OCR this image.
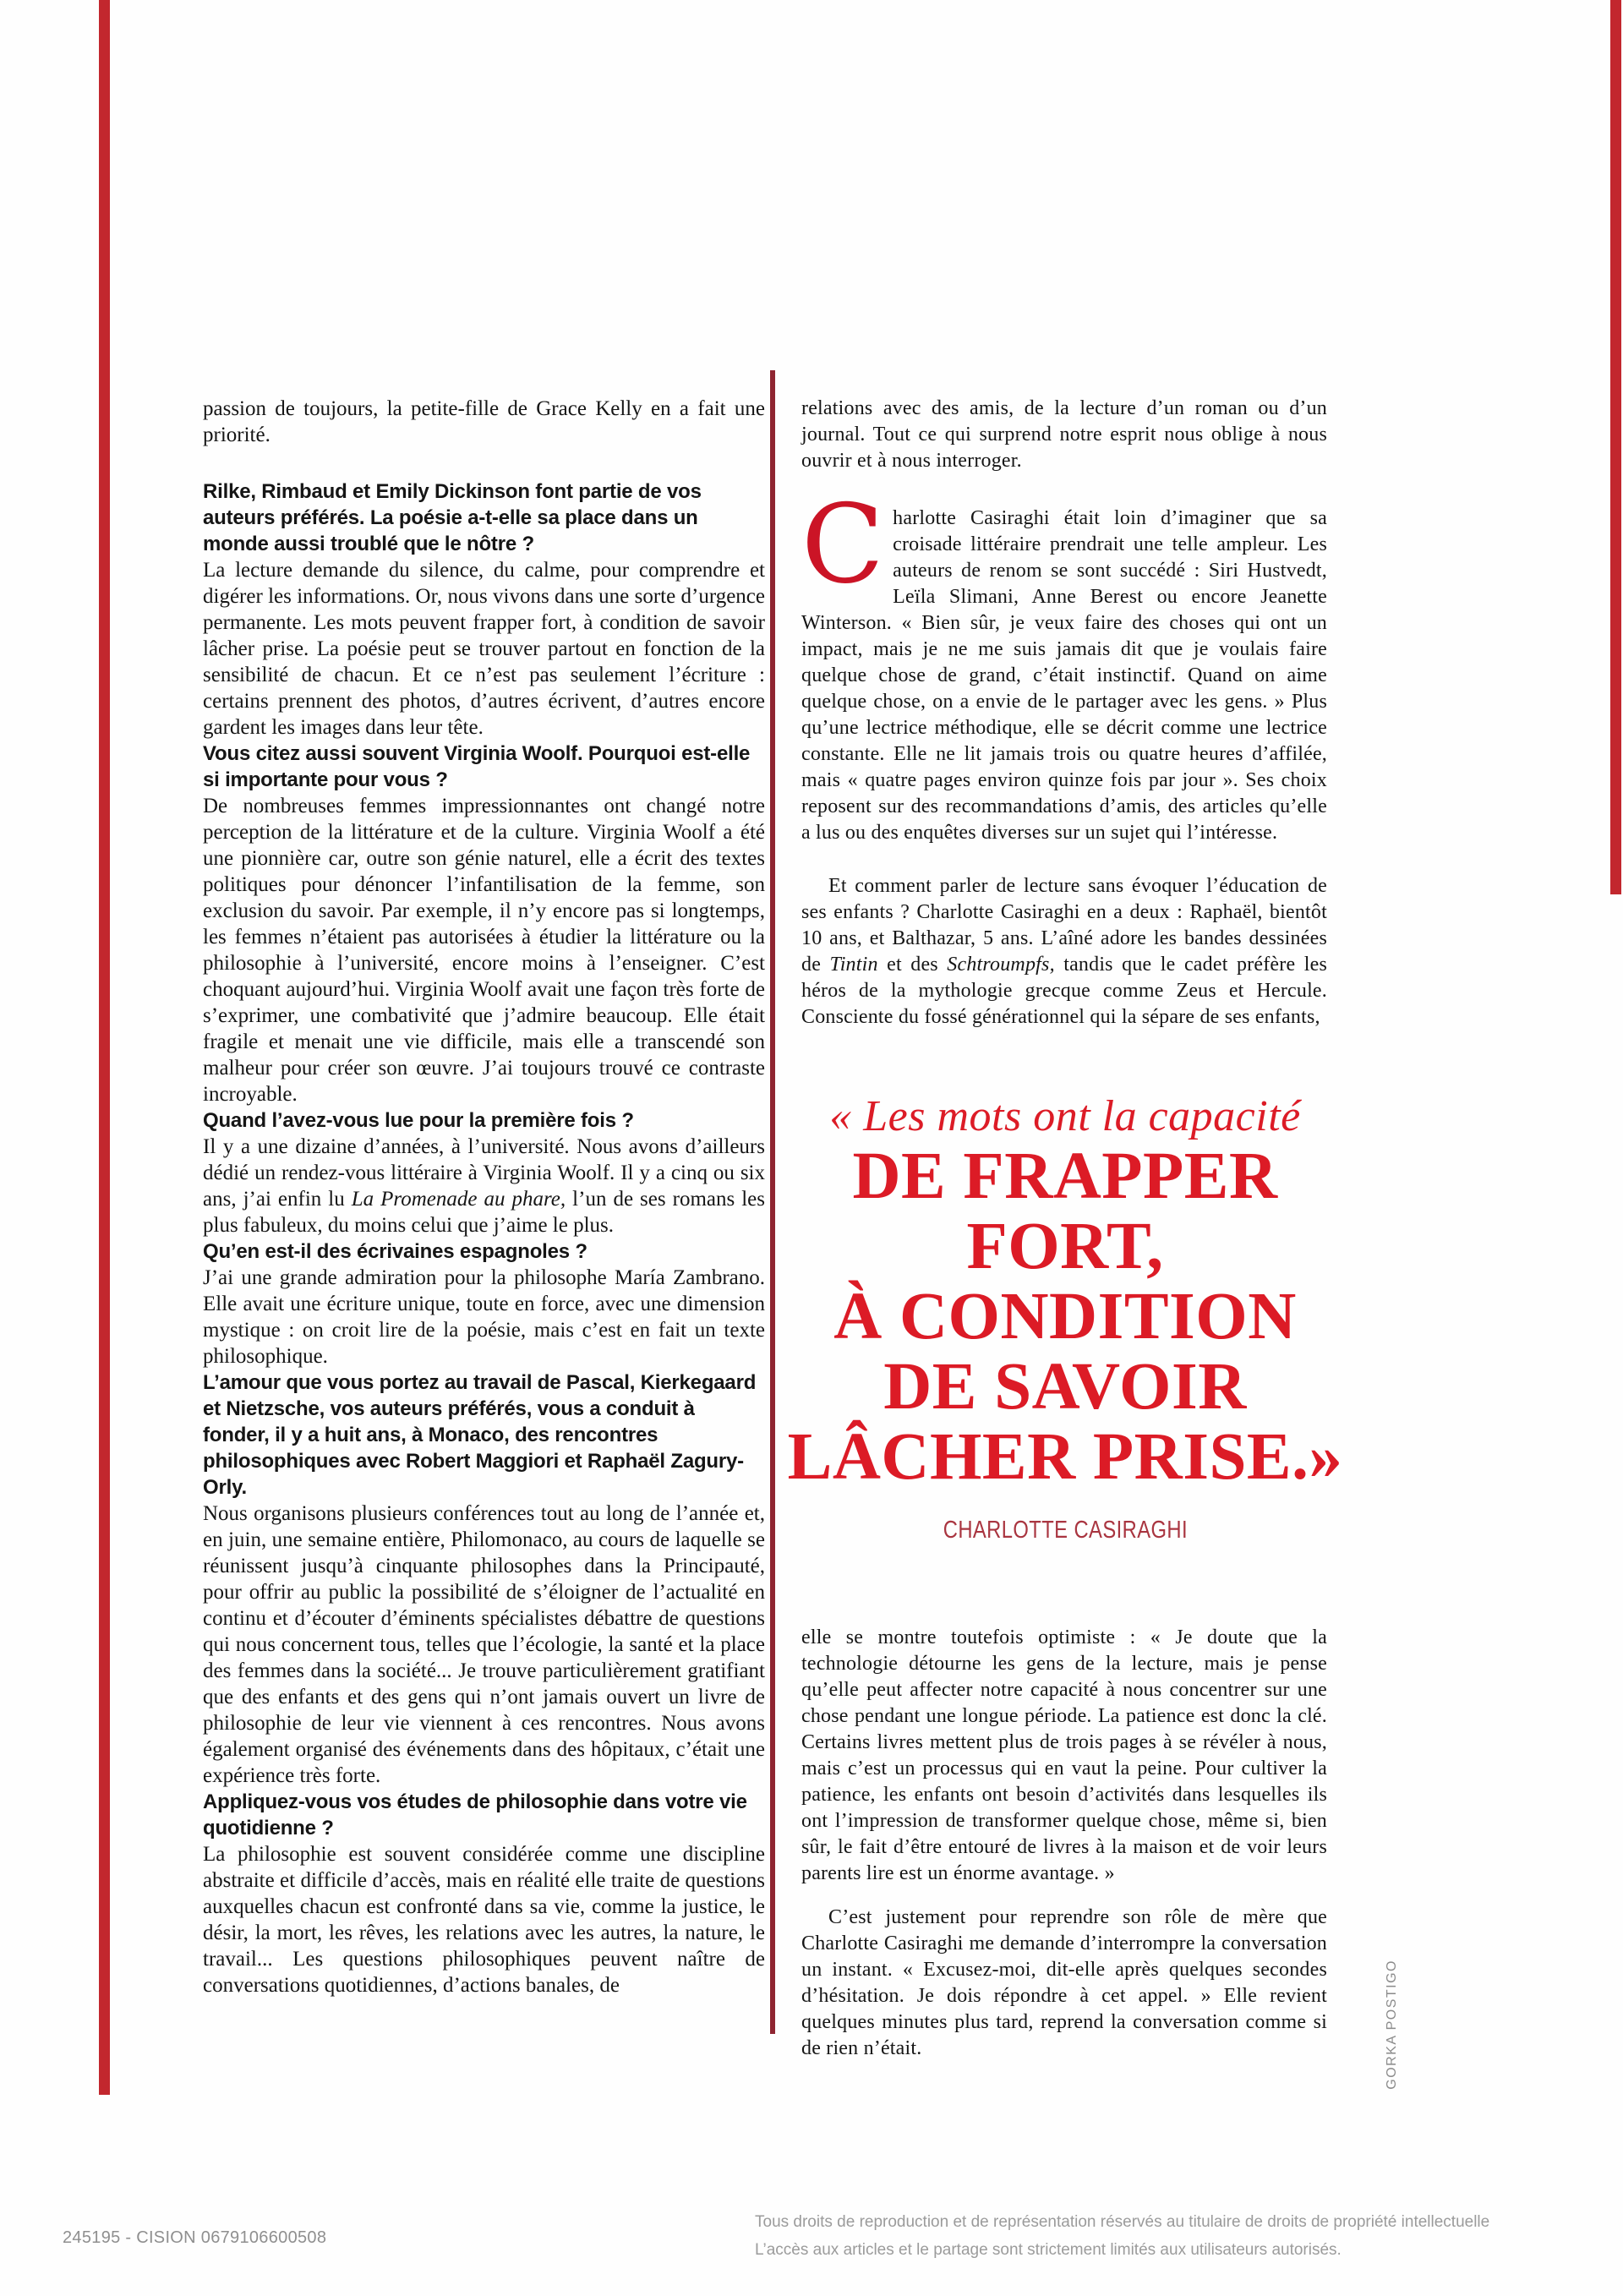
passion de toujours, la petite-fille de Grace Kelly en a fait une priorité.

Rilke, Rimbaud et Emily Dickinson font partie de vos auteurs préférés. La poésie a-t-elle sa place dans un monde aussi troublé que le nôtre ?

La lecture demande du silence, du calme, pour comprendre et digérer les informations. Or, nous vivons dans une sorte d’urgence permanente. Les mots peuvent frapper fort, à condition de savoir lâcher prise. La poésie peut se trouver partout en fonction de la sensibilité de chacun. Et ce n’est pas seulement l’écriture : certains prennent des photos, d’autres écrivent, d’autres encore gardent les images dans leur tête.

Vous citez aussi souvent Virginia Woolf. Pourquoi est-elle si importante pour vous ?

De nombreuses femmes impressionnantes ont changé notre perception de la littérature et de la culture. Virginia Woolf a été une pionnière car, outre son génie naturel, elle a écrit des textes politiques pour dénoncer l’infantilisation de la femme, son exclusion du savoir. Par exemple, il n’y encore pas si longtemps, les femmes n’étaient pas autorisées à étudier la littérature ou la philosophie à l’université, encore moins à l’enseigner. C’est choquant aujourd’hui. Virginia Woolf avait une façon très forte de s’exprimer, une combativité que j’admire beaucoup. Elle était fragile et menait une vie difficile, mais elle a transcendé son malheur pour créer son œuvre. J’ai toujours trouvé ce contraste incroyable.

Quand l’avez-vous lue pour la première fois ?

Il y a une dizaine d’années, à l’université. Nous avons d’ailleurs dédié un rendez-vous littéraire à Virginia Woolf. Il y a cinq ou six ans, j’ai enfin lu La Promenade au phare, l’un de ses romans les plus fabuleux, du moins celui que j’aime le plus.

Qu’en est-il des écrivaines espagnoles ?

J’ai une grande admiration pour la philosophe María Zambrano. Elle avait une écriture unique, toute en force, avec une dimension mystique : on croit lire de la poésie, mais c’est en fait un texte philosophique.

L’amour que vous portez au travail de Pascal, Kierkegaard et Nietzsche, vos auteurs préférés, vous a conduit à fonder, il y a huit ans, à Monaco, des rencontres philosophiques avec Robert Maggiori et Raphaël Zagury-Orly.

Nous organisons plusieurs conférences tout au long de l’année et, en juin, une semaine entière, Philomonaco, au cours de laquelle se réunissent jusqu’à cinquante philosophes dans la Principauté, pour offrir au public la possibilité de s’éloigner de l’actualité en continu et d’écouter d’éminents spécialistes débattre de questions qui nous concernent tous, telles que l’écologie, la santé et la place des femmes dans la société... Je trouve particulièrement gratifiant que des enfants et des gens qui n’ont jamais ouvert un livre de philosophie de leur vie viennent à ces rencontres. Nous avons également organisé des événements dans des hôpitaux, c’était une expérience très forte.

Appliquez-vous vos études de philosophie dans votre vie quotidienne ?

La philosophie est souvent considérée comme une discipline abstraite et difficile d’accès, mais en réalité elle traite de questions auxquelles chacun est confronté dans sa vie, comme la justice, le désir, la mort, les rêves, les relations avec les autres, la nature, le travail... Les questions philosophiques peuvent naître de conversations quotidiennes, d’actions banales, de

relations avec des amis, de la lecture d’un roman ou d’un journal. Tout ce qui surprend notre esprit nous oblige à nous ouvrir et à nous interroger.

Charlotte Casiraghi était loin d’imaginer que sa croisade littéraire prendrait une telle ampleur. Les auteurs de renom se sont succédé : Siri Hustvedt, Leïla Slimani, Anne Berest ou encore Jeanette Winterson. « Bien sûr, je veux faire des choses qui ont un impact, mais je ne me suis jamais dit que je voulais faire quelque chose de grand, c’était instinctif. Quand on aime quelque chose, on a envie de le partager avec les gens. » Plus qu’une lectrice méthodique, elle se décrit comme une lectrice constante. Elle ne lit jamais trois ou quatre heures d’affilée, mais « quatre pages environ quinze fois par jour ». Ses choix reposent sur des recommandations d’amis, des articles qu’elle a lus ou des enquêtes diverses sur un sujet qui l’intéresse.

Et comment parler de lecture sans évoquer l’éducation de ses enfants ? Charlotte Casiraghi en a deux : Raphaël, bientôt 10 ans, et Balthazar, 5 ans. L’aîné adore les bandes dessinées de Tintin et des Schtroumpfs, tandis que le cadet préfère les héros de la mythologie grecque comme Zeus et Hercule. Consciente du fossé générationnel qui la sépare de ses enfants,

« Les mots ont la capacité

DE FRAPPER

FORT,

À CONDITION

DE SAVOIR

LÂCHER PRISE.»

CHARLOTTE CASIRAGHI

elle se montre toutefois optimiste : « Je doute que la technologie détourne les gens de la lecture, mais je pense qu’elle peut affecter notre capacité à nous concentrer sur une chose pendant une longue période. La patience est donc la clé. Certains livres mettent plus de trois pages à se révéler à nous, mais c’est un processus qui en vaut la peine. Pour cultiver la patience, les enfants ont besoin d’activités dans lesquelles ils ont l’impression de transformer quelque chose, même si, bien sûr, le fait d’être entouré de livres à la maison et de voir leurs parents lire est un énorme avantage. »

C’est justement pour reprendre son rôle de mère que Charlotte Casiraghi me demande d’interrompre la conversation un instant. « Excusez-moi, dit-elle après quelques secondes d’hésitation. Je dois répondre à cet appel. » Elle revient quelques minutes plus tard, reprend la conversation comme si de rien n’était.	GORKA POSTIGO
245195 - CISION 0679106600508

Tous droits de reproduction et de représentation réservés au titulaire de droits de propriété intellectuelle

L’accès aux articles et le partage sont strictement limités aux utilisateurs autorisés.
